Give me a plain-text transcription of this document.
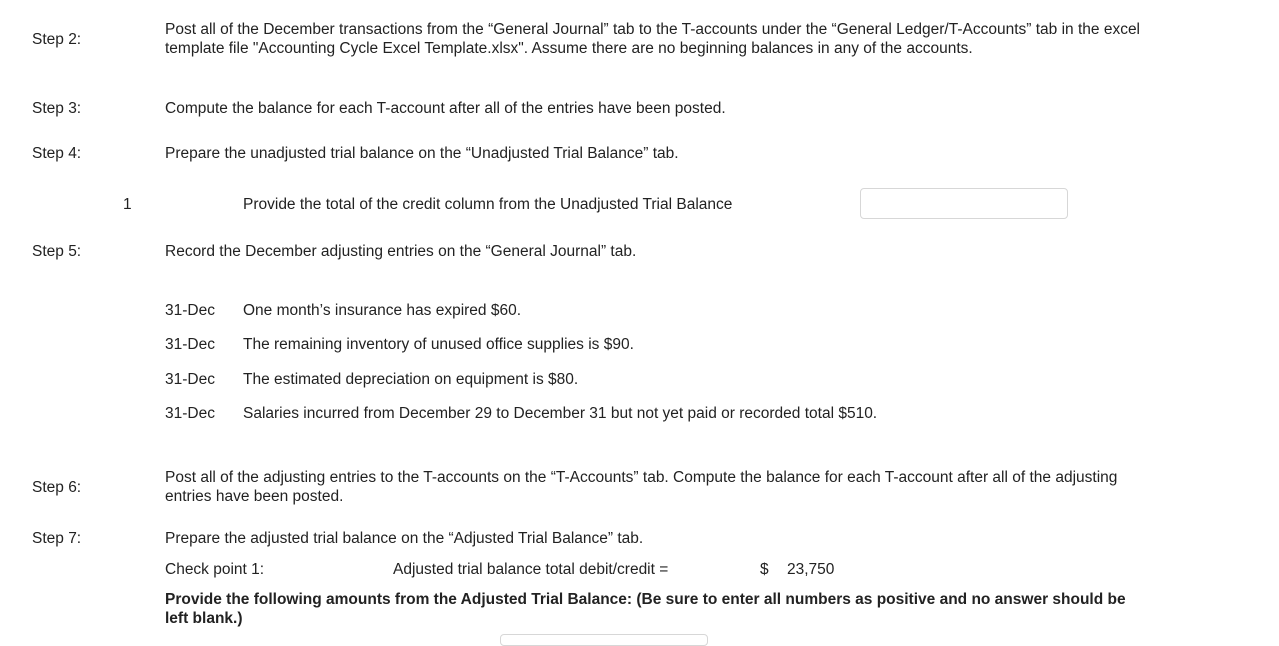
Step 2:
Post all of the December transactions from the “General Journal” tab to the T-accounts under the “General Ledger/T-Accounts” tab in the excel
template file "Accounting Cycle Excel Template.xlsx". Assume there are no beginning balances in any of the accounts.
Step 3:	Compute the balance for each T-account after all of the entries have been posted.
Step 4:	Prepare the unadjusted trial balance on the “Unadjusted Trial Balance” tab.
1	Provide the total of the credit column from the Unadjusted Trial Balance
Step 5:	Record the December adjusting entries on the “General Journal” tab.
31-Dec One month’s insurance has expired $60.
31-Dec The remaining inventory of unused office supplies is $90.
31-Dec The estimated depreciation on equipment is $80.
31-Dec Salaries incurred from December 29 to December 31 but not yet paid or recorded total $510.
Step 6:
Post all of the adjusting entries to the T-accounts on the “T-Accounts” tab. Compute the balance for each T-account after all of the adjusting
entries have been posted.
Step 7:	Prepare the adjusted trial balance on the “Adjusted Trial Balance” tab.
Check point 1:	Adjusted trial balance total debit/credit =	$ 23,750
Provide the following amounts from the Adjusted Trial Balance: (Be sure to enter all numbers as positive and no answer should be
left blank.)
